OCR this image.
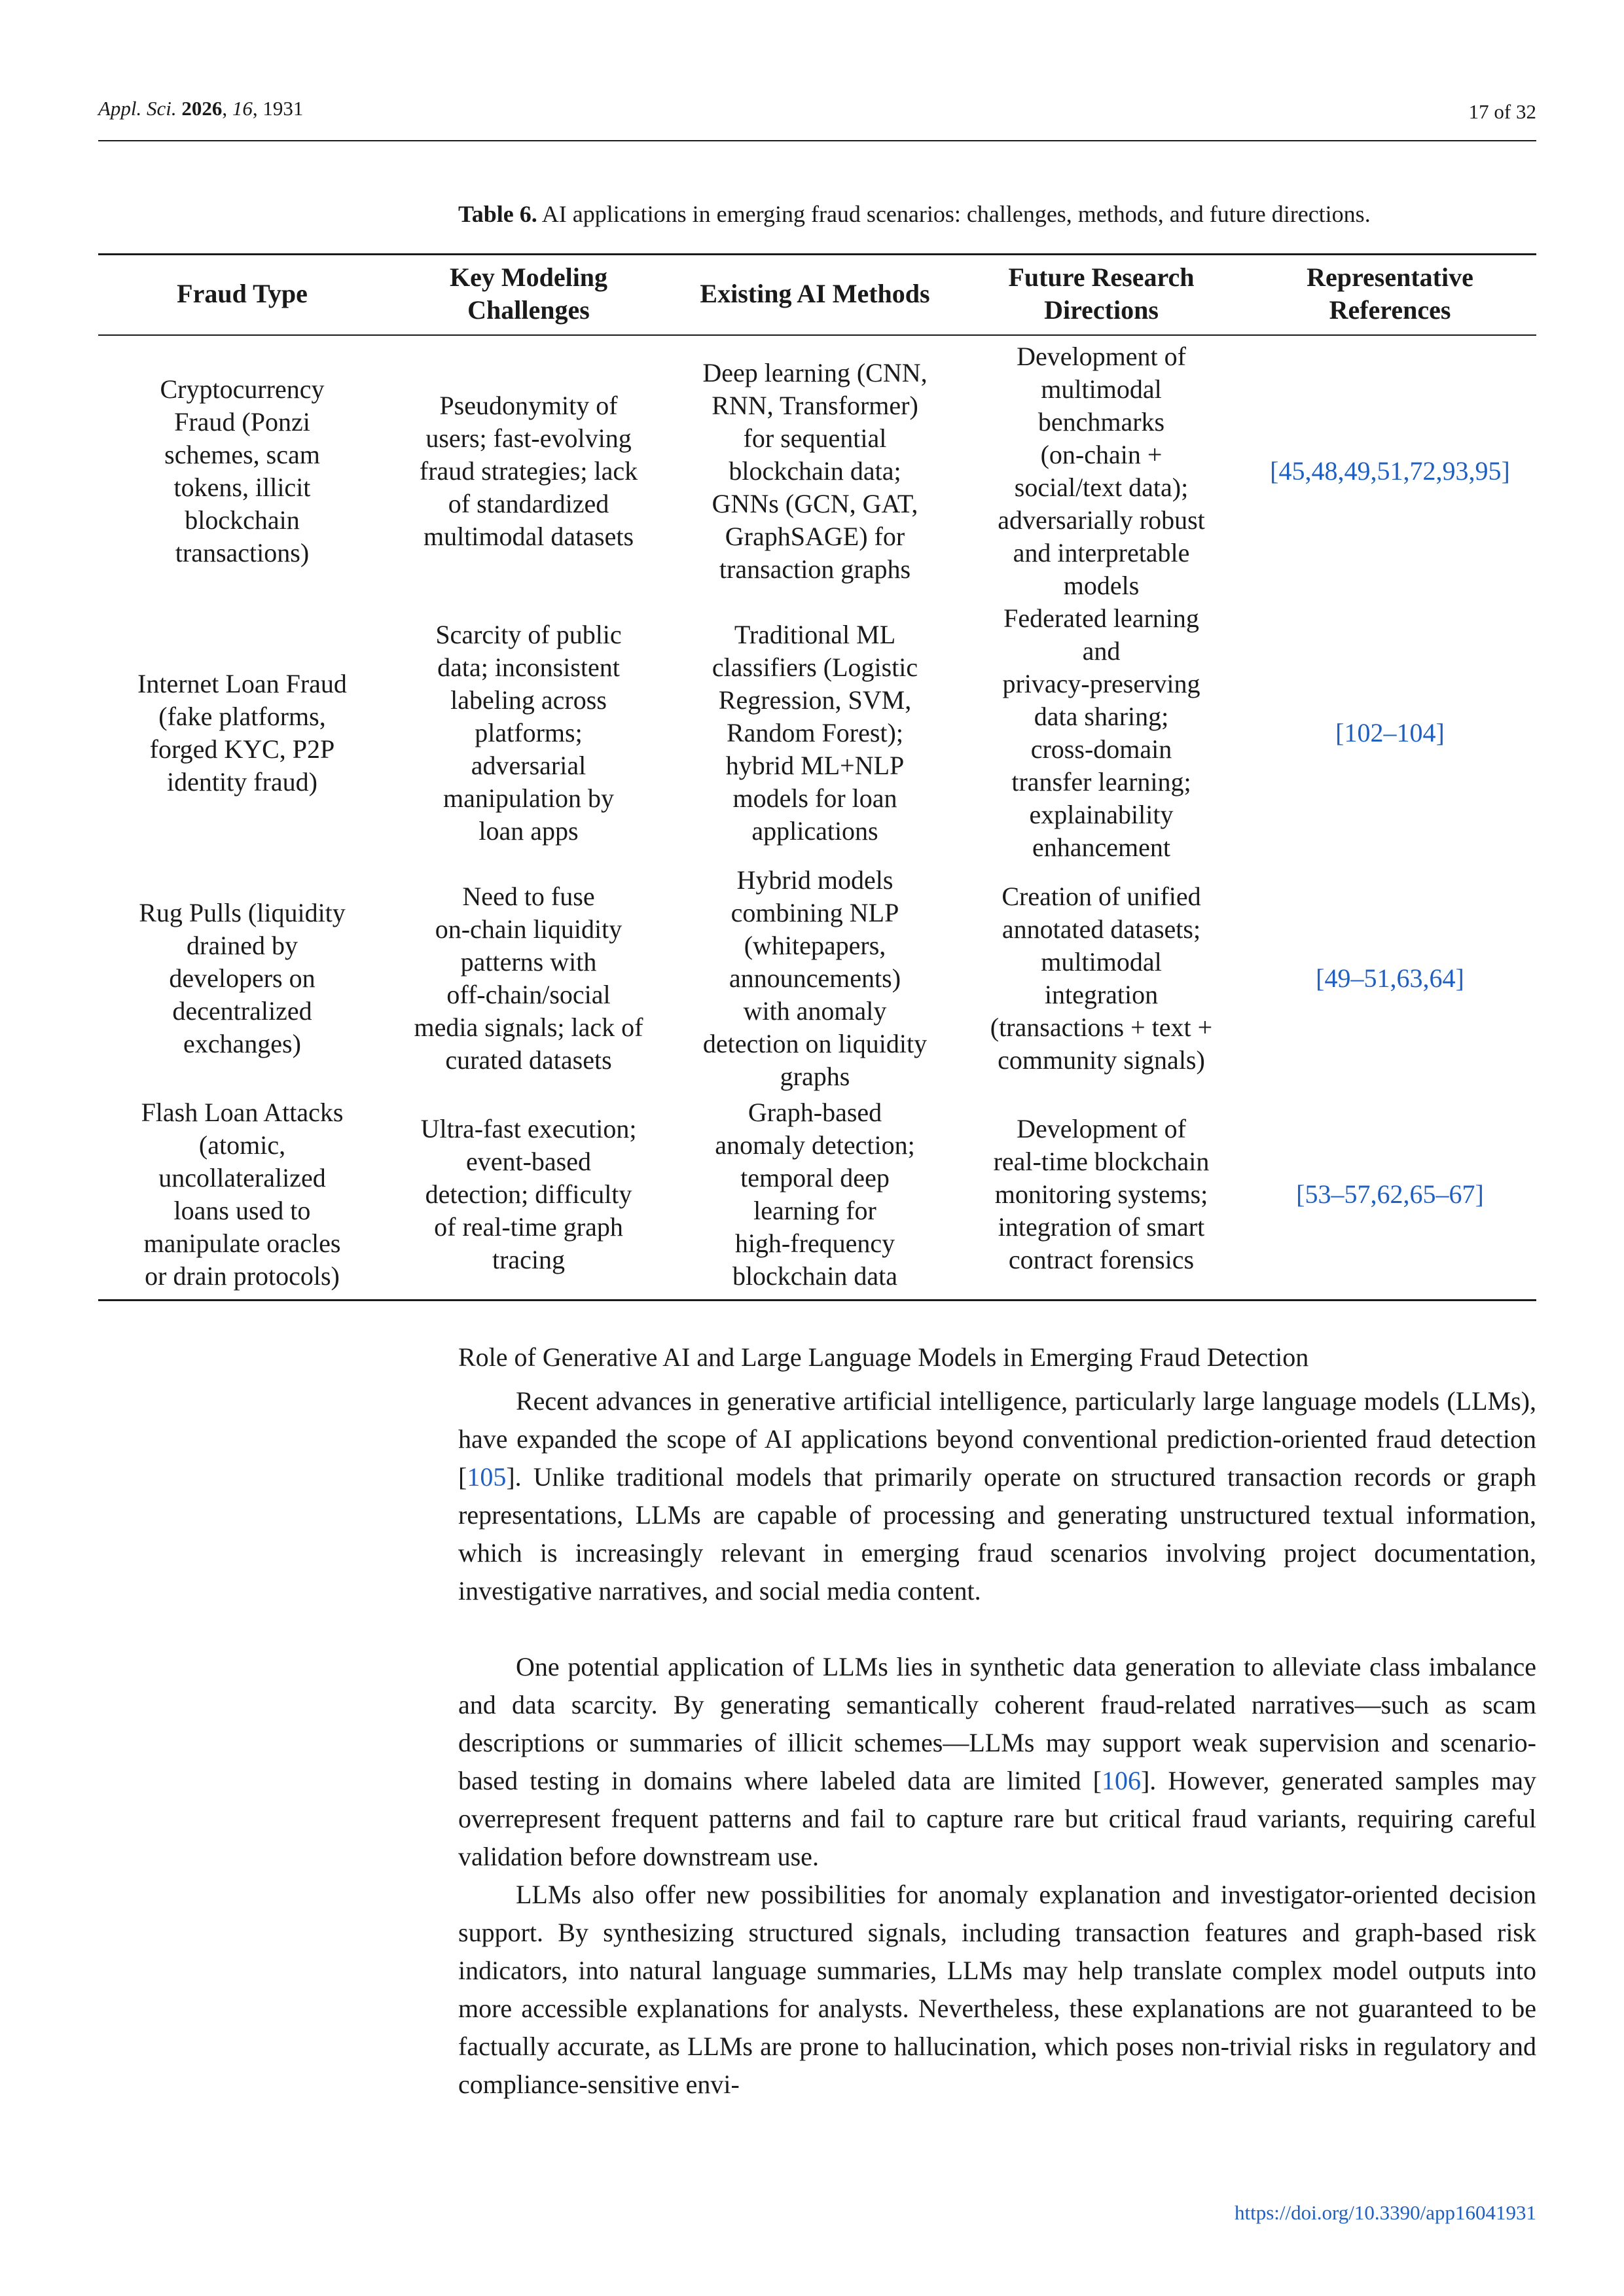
Appl. Sci. 2026, 16, 1931	17 of 32
Table 6. AI applications in emerging fraud scenarios: challenges, methods, and future directions.
Fraud Type
Key Modeling
Challenges
Existing AI Methods
Future Research
Directions
Representative
References
Cryptocurrency
Fraud (Ponzi
schemes, scam
tokens, illicit
blockchain
transactions)
Pseudonymity of
users; fast-evolving
fraud strategies; lack
of standardized
multimodal datasets
Deep learning (CNN,
RNN, Transformer)
for sequential
blockchain data;
GNNs (GCN, GAT,
GraphSAGE) for
transaction graphs
Development of
multimodal
benchmarks
(on-chain +
social/text data);
adversarially robust
and interpretable
models
[45,48,49,51,72,93,95]
Internet Loan Fraud
(fake platforms,
forged KYC, P2P
identity fraud)
Scarcity of public
data; inconsistent
labeling across
platforms;
adversarial
manipulation by
loan apps
Traditional ML
classifiers (Logistic
Regression, SVM,
Random Forest);
hybrid ML+NLP
models for loan
applications
Federated learning
and
privacy-preserving
data sharing;
cross-domain
transfer learning;
explainability
enhancement
[102–104]
Rug Pulls (liquidity
drained by
developers on
decentralized
exchanges)
Need to fuse
on-chain liquidity
patterns with
off-chain/social
media signals; lack of
curated datasets
Hybrid models
combining NLP
(whitepapers,
announcements)
with anomaly
detection on liquidity
graphs
Creation of unified
annotated datasets;
multimodal
integration
(transactions + text +
community signals)
[49–51,63,64]
Flash Loan Attacks
(atomic,
uncollateralized
loans used to
manipulate oracles
or drain protocols)
Ultra-fast execution;
event-based
detection; difficulty
of real-time graph
tracing
Graph-based
anomaly detection;
temporal deep
learning for
high-frequency
blockchain data
Development of
real-time blockchain
monitoring systems;
integration of smart
contract forensics
[53–57,62,65–67]
Role of Generative AI and Large Language Models in Emerging Fraud Detection
Recent advances in generative artificial intelligence, particularly large language models (LLMs), have expanded the scope of AI applications beyond conventional prediction-oriented fraud detection [105]. Unlike traditional models that primarily operate on structured transaction records or graph representations, LLMs are capable of processing and generating unstructured textual information, which is increasingly relevant in emerging fraud scenarios involving project documentation, investigative narratives, and social media content.
One potential application of LLMs lies in synthetic data generation to alleviate class imbalance and data scarcity. By generating semantically coherent fraud-related narratives—such as scam descriptions or summaries of illicit schemes—LLMs may support weak supervision and scenario-based testing in domains where labeled data are limited [106]. However, generated samples may overrepresent frequent patterns and fail to capture rare but critical fraud variants, requiring careful validation before downstream use.
LLMs also offer new possibilities for anomaly explanation and investigator-oriented decision support. By synthesizing structured signals, including transaction features and graph-based risk indicators, into natural language summaries, LLMs may help translate complex model outputs into more accessible explanations for analysts. Nevertheless, these explanations are not guaranteed to be factually accurate, as LLMs are prone to hallucination, which poses non-trivial risks in regulatory and compliance-sensitive envi-
https://doi.org/10.3390/app16041931
